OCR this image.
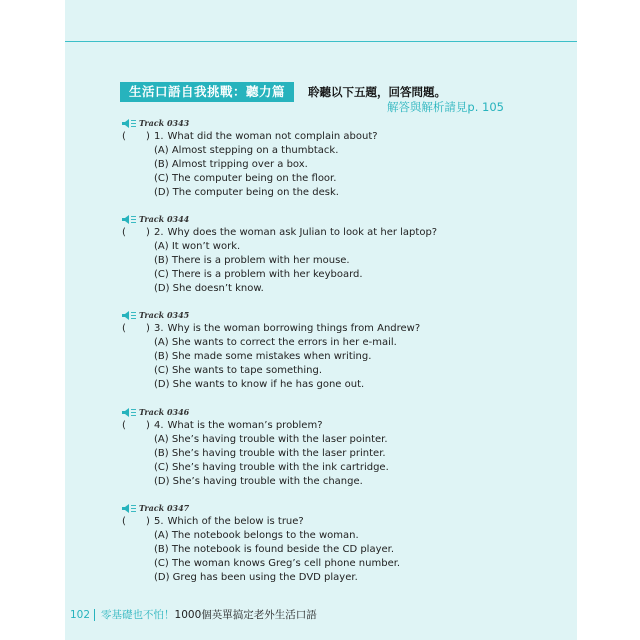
生活口語自我挑戰：聽力篇	聆聽以下五題，回答問題。
解答與解析請見p. 105
Track 0343
(	) 1. What did the woman not complain about?
(A) Almost stepping on a thumbtack.
(B) Almost tripping over a box.
(C) The computer being on the floor.
(D) The computer being on the desk.
Track 0344
(	) 2. Why does the woman ask Julian to look at her laptop?
(A) It won’t work.
(B) There is a problem with her mouse.
(C) There is a problem with her keyboard.
(D) She doesn’t know.
Track 0345
(	) 3. Why is the woman borrowing things from Andrew?
(A) She wants to correct the errors in her e-mail.
(B) She made some mistakes when writing.
(C) She wants to tape something.
(D) She wants to know if he has gone out.
Track 0346
(	) 4. What is the woman’s problem?
(A) She’s having trouble with the laser pointer.
(B) She’s having trouble with the laser printer.
(C) She’s having trouble with the ink cartridge.
(D) She’s having trouble with the change.
Track 0347
(	) 5. Which of the below is true?
(A) The notebook belongs to the woman.
(B) The notebook is found beside the CD player.
(C) The woman knows Greg’s cell phone number.
(D) Greg has been using the DVD player.
102 零基礎也不怕！ 1000個英單搞定老外生活口語
